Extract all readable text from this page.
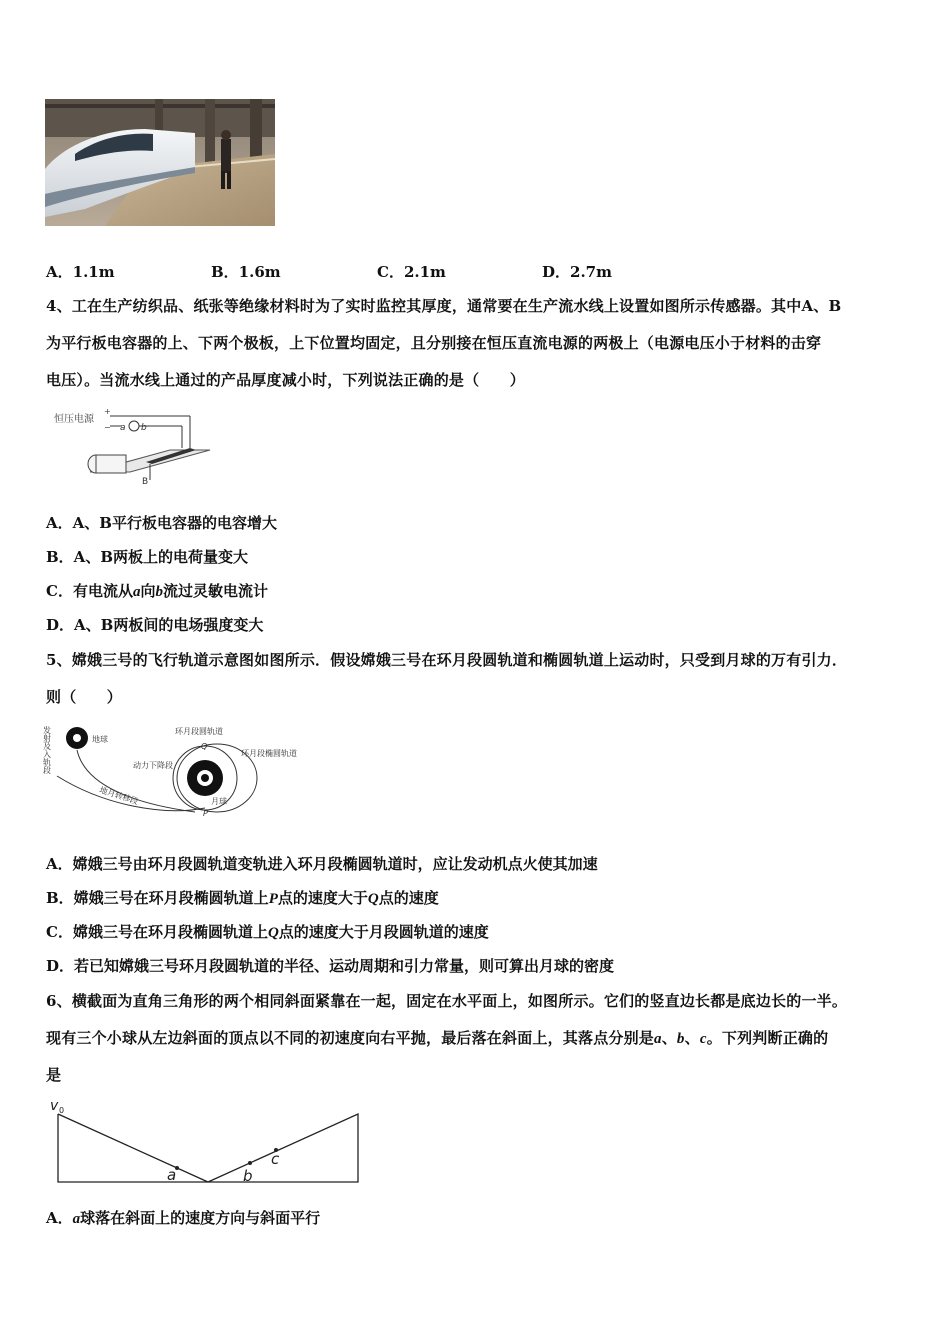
A．1.1m	B．1.6m	C．2.1m	D．2.7m
4、工在生产纺织品、纸张等绝缘材料时为了实时监控其厚度，通常要在生产流水线上设置如图所示传感器。其中A、B
为平行板电容器的上、下两个极板，上下位置均固定，且分别接在恒压直流电源的两极上（电源电压小于材料的击穿
电压）。当流水线上通过的产品厚度减小时，下列说法正确的是（　　）
恒压电源
+
− a b
B
A．A、B平行板电容器的电容增大
B．A、B两板上的电荷量变大
C．有电流从a向b流过灵敏电流计
D．A、B两板间的电场强度变大
5、嫦娥三号的飞行轨道示意图如图所示．假设嫦娥三号在环月段圆轨道和椭圆轨道上运动时，只受到月球的万有引力．
则（　　）
发射及入轨段	地球
地月转移段
环月段圆轨道
Q
环月段椭圆轨道
动力下降段
月球
P
A．嫦娥三号由环月段圆轨道变轨进入环月段椭圆轨道时，应让发动机点火使其加速
B．嫦娥三号在环月段椭圆轨道上P点的速度大于Q点的速度
C．嫦娥三号在环月段椭圆轨道上Q点的速度大于月段圆轨道的速度
D．若已知嫦娥三号环月段圆轨道的半径、运动周期和引力常量，则可算出月球的密度
6、横截面为直角三角形的两个相同斜面紧靠在一起，固定在水平面上，如图所示。它们的竖直边长都是底边长的一半。
现有三个小球从左边斜面的顶点以不同的初速度向右平抛，最后落在斜面上，其落点分别是a、b、c。下列判断正确的
是
v 0
a	b
c
A．a球落在斜面上的速度方向与斜面平行
